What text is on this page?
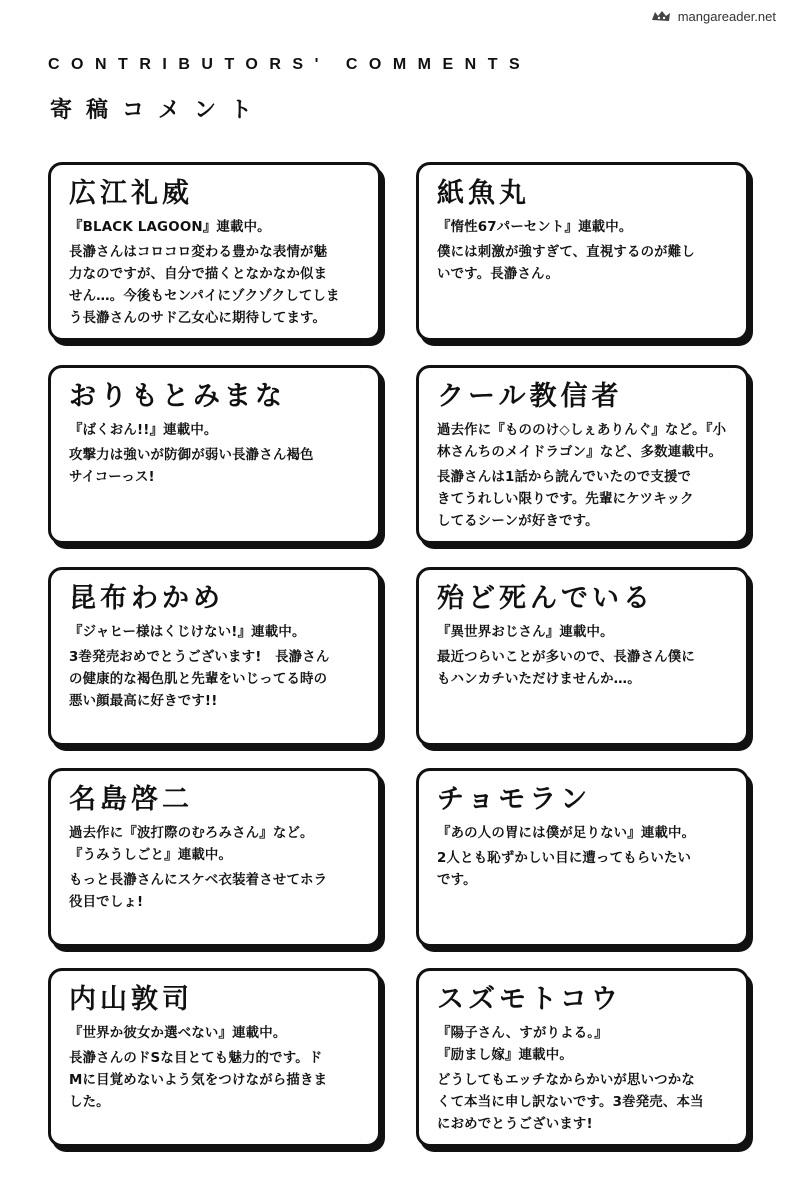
mangareader.net
CONTRIBUTORS' COMMENTS
寄稿コメント
広江礼威
『BLACK LAGOON』連載中。
長瀞さんはコロコロ変わる豊かな表情が魅
力なのですが、自分で描くとなかなか似ま
せん…。今後もセンパイにゾクゾクしてしま
う長瀞さんのサド乙女心に期待してます。
紙魚丸
『惰性67パーセント』連載中。
僕には刺激が強すぎて、直視するのが難し
いです。長瀞さん。
おりもとみまな
『ばくおん!!』連載中。
攻撃力は強いが防御が弱い長瀞さん褐色
サイコーっス!
クール教信者
過去作に『もののけ◇しぇありんぐ』など。『小
林さんちのメイドラゴン』など、多数連載中。
長瀞さんは1話から読んでいたので支援で
きてうれしい限りです。先輩にケツキック
してるシーンが好きです。
昆布わかめ
『ジャヒー様はくじけない!』連載中。
3巻発売おめでとうございます!　長瀞さん
の健康的な褐色肌と先輩をいじってる時の
悪い顔最高に好きです!!
殆ど死んでいる
『異世界おじさん』連載中。
最近つらいことが多いので、長瀞さん僕に
もハンカチいただけませんか…。
名島啓二
過去作に『波打際のむろみさん』など。
『うみうしごと』連載中。
もっと長瀞さんにスケベ衣装着させてホラ
役目でしょ!
チョモラン
『あの人の胃には僕が足りない』連載中。
2人とも恥ずかしい目に遭ってもらいたい
です。
内山敦司
『世界か彼女か選べない』連載中。
長瀞さんのドSな目とても魅力的です。ド
Mに目覚めないよう気をつけながら描きま
した。
スズモトコウ
『陽子さん、すがりよる。』
『励まし嫁』連載中。
どうしてもエッチなからかいが思いつかな
くて本当に申し訳ないです。3巻発売、本当
におめでとうございます!
